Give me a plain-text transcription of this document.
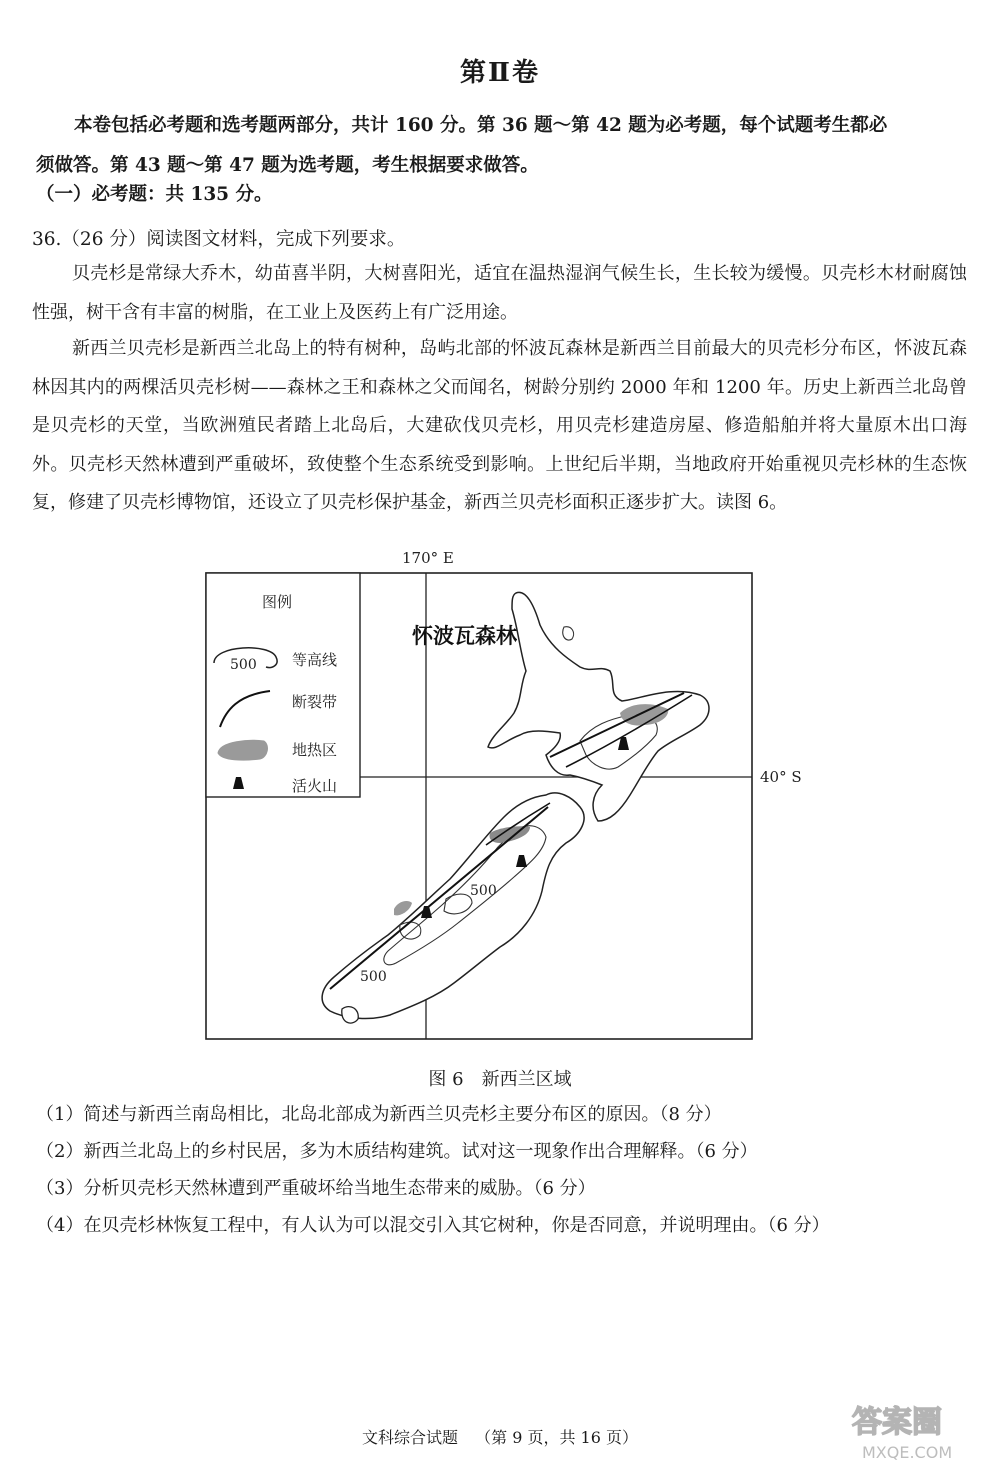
第Ⅱ卷

本卷包括必考题和选考题两部分，共计 160 分。第 36 题～第 42 题为必考题，每个试题考生都必

须做答。第 43 题～第 47 题为选考题，考生根据要求做答。

（一）必考题：共 135 分。
36.（26 分）阅读图文材料，完成下列要求。

贝壳杉是常绿大乔木，幼苗喜半阴，大树喜阳光，适宜在温热湿润气候生长，生长较为缓慢。贝壳杉木材耐腐蚀性强，树干含有丰富的树脂，在工业上及医药上有广泛用途。

新西兰贝壳杉是新西兰北岛上的特有树种，岛屿北部的怀波瓦森林是新西兰目前最大的贝壳杉分布区，怀波瓦森林因其内的两棵活贝壳杉树——森林之王和森林之父而闻名，树龄分别约 2000 年和 1200 年。历史上新西兰北岛曾是贝壳杉的天堂，当欧洲殖民者踏上北岛后，大建砍伐贝壳杉，用贝壳杉建造房屋、修造船舶并将大量原木出口海外。贝壳杉天然林遭到严重破坏，致使整个生态系统受到影响。上世纪后半期，当地政府开始重视贝壳杉林的生态恢复，修建了贝壳杉博物馆，还设立了贝壳杉保护基金，新西兰贝壳杉面积正逐步扩大。读图 6。

170° E
40° S
图例
500 等高线
断裂带
地热区
活火山
怀波瓦森林
500
500
图 6　新西兰区域
（1）简述与新西兰南岛相比，北岛北部成为新西兰贝壳杉主要分布区的原因。（8 分）
（2）新西兰北岛上的乡村民居，多为木质结构建筑。试对这一现象作出合理解释。（6 分）
（3）分析贝壳杉天然林遭到严重破坏给当地生态带来的威胁。（6 分）
（4）在贝壳杉林恢复工程中，有人认为可以混交引入其它树种，你是否同意，并说明理由。（6 分）
文科综合试题 （第 9 页，共 16 页）	答案圈
MXQE.COM
